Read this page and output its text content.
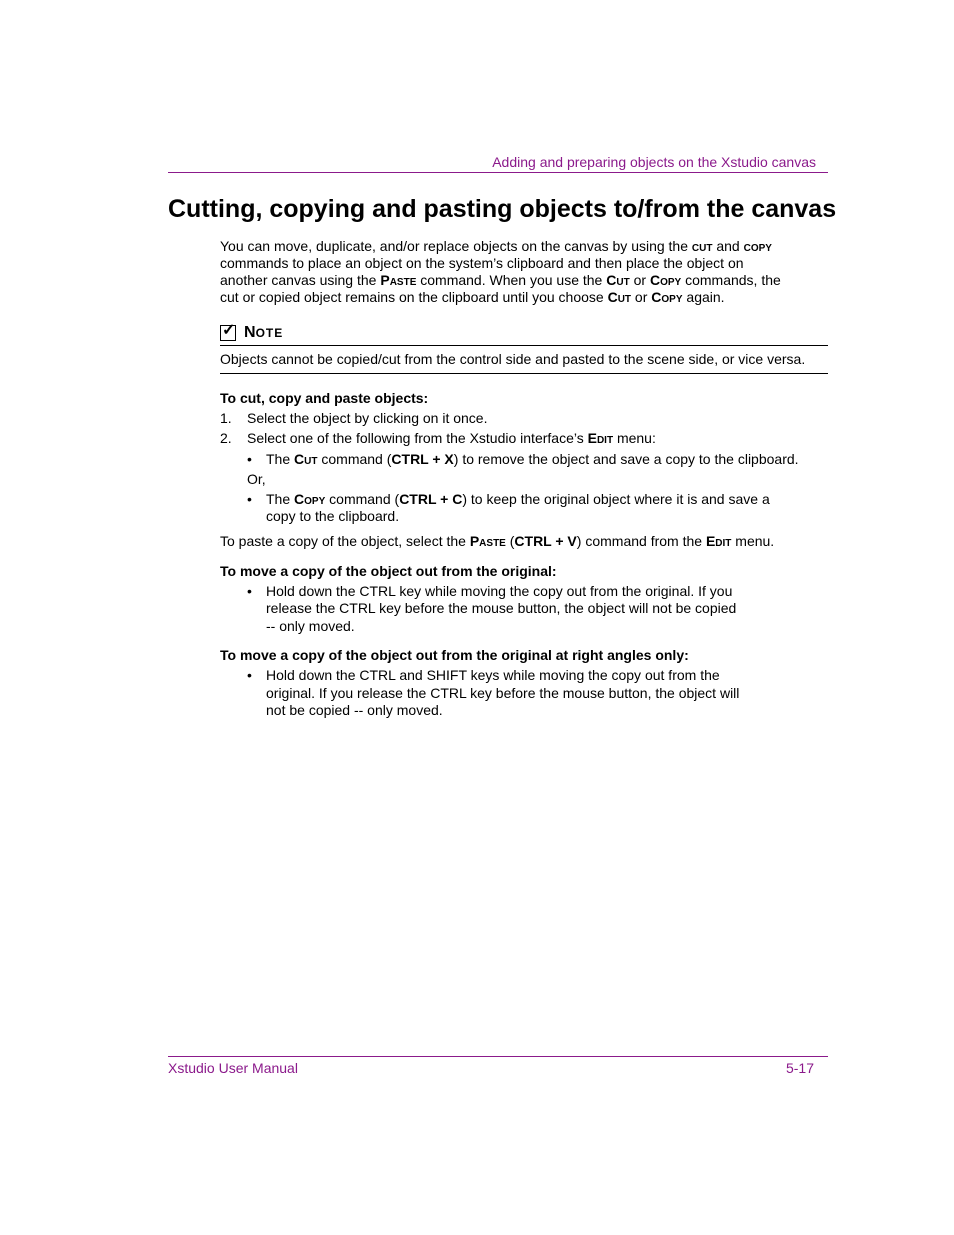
Adding and preparing objects on the Xstudio canvas
Cutting, copying and pasting objects to/from the canvas
You can move, duplicate, and/or replace objects on the canvas by using the CUT and COPY
commands to place an object on the system’s clipboard and then place the object on
another canvas using the PASTE command. When you use the CUT or COPY commands, the
cut or copied object remains on the clipboard until you choose CUT or COPY again.
✓
N OTE
Objects cannot be copied/cut from the control side and pasted to the scene side, or vice versa.
To cut, copy and paste objects:
1. Select the object by clicking on it once.
2. Select one of the following from the Xstudio interface’s EDIT menu:
• The CUT command (CTRL + X) to remove the object and save a copy to the clipboard.
Or,
• The COPY command (CTRL + C) to keep the original object where it is and save a
copy to the clipboard.
To paste a copy of the object, select the PASTE (CTRL + V) command from the EDIT menu.
To move a copy of the object out from the original:
• Hold down the CTRL key while moving the copy out from the original. If you
release the CTRL key before the mouse button, the object will not be copied
-- only moved.
To move a copy of the object out from the original at right angles only:
• Hold down the CTRL and SHIFT keys while moving the copy out from the
original. If you release the CTRL key before the mouse button, the object will
not be copied -- only moved.
Xstudio User Manual	5-17
